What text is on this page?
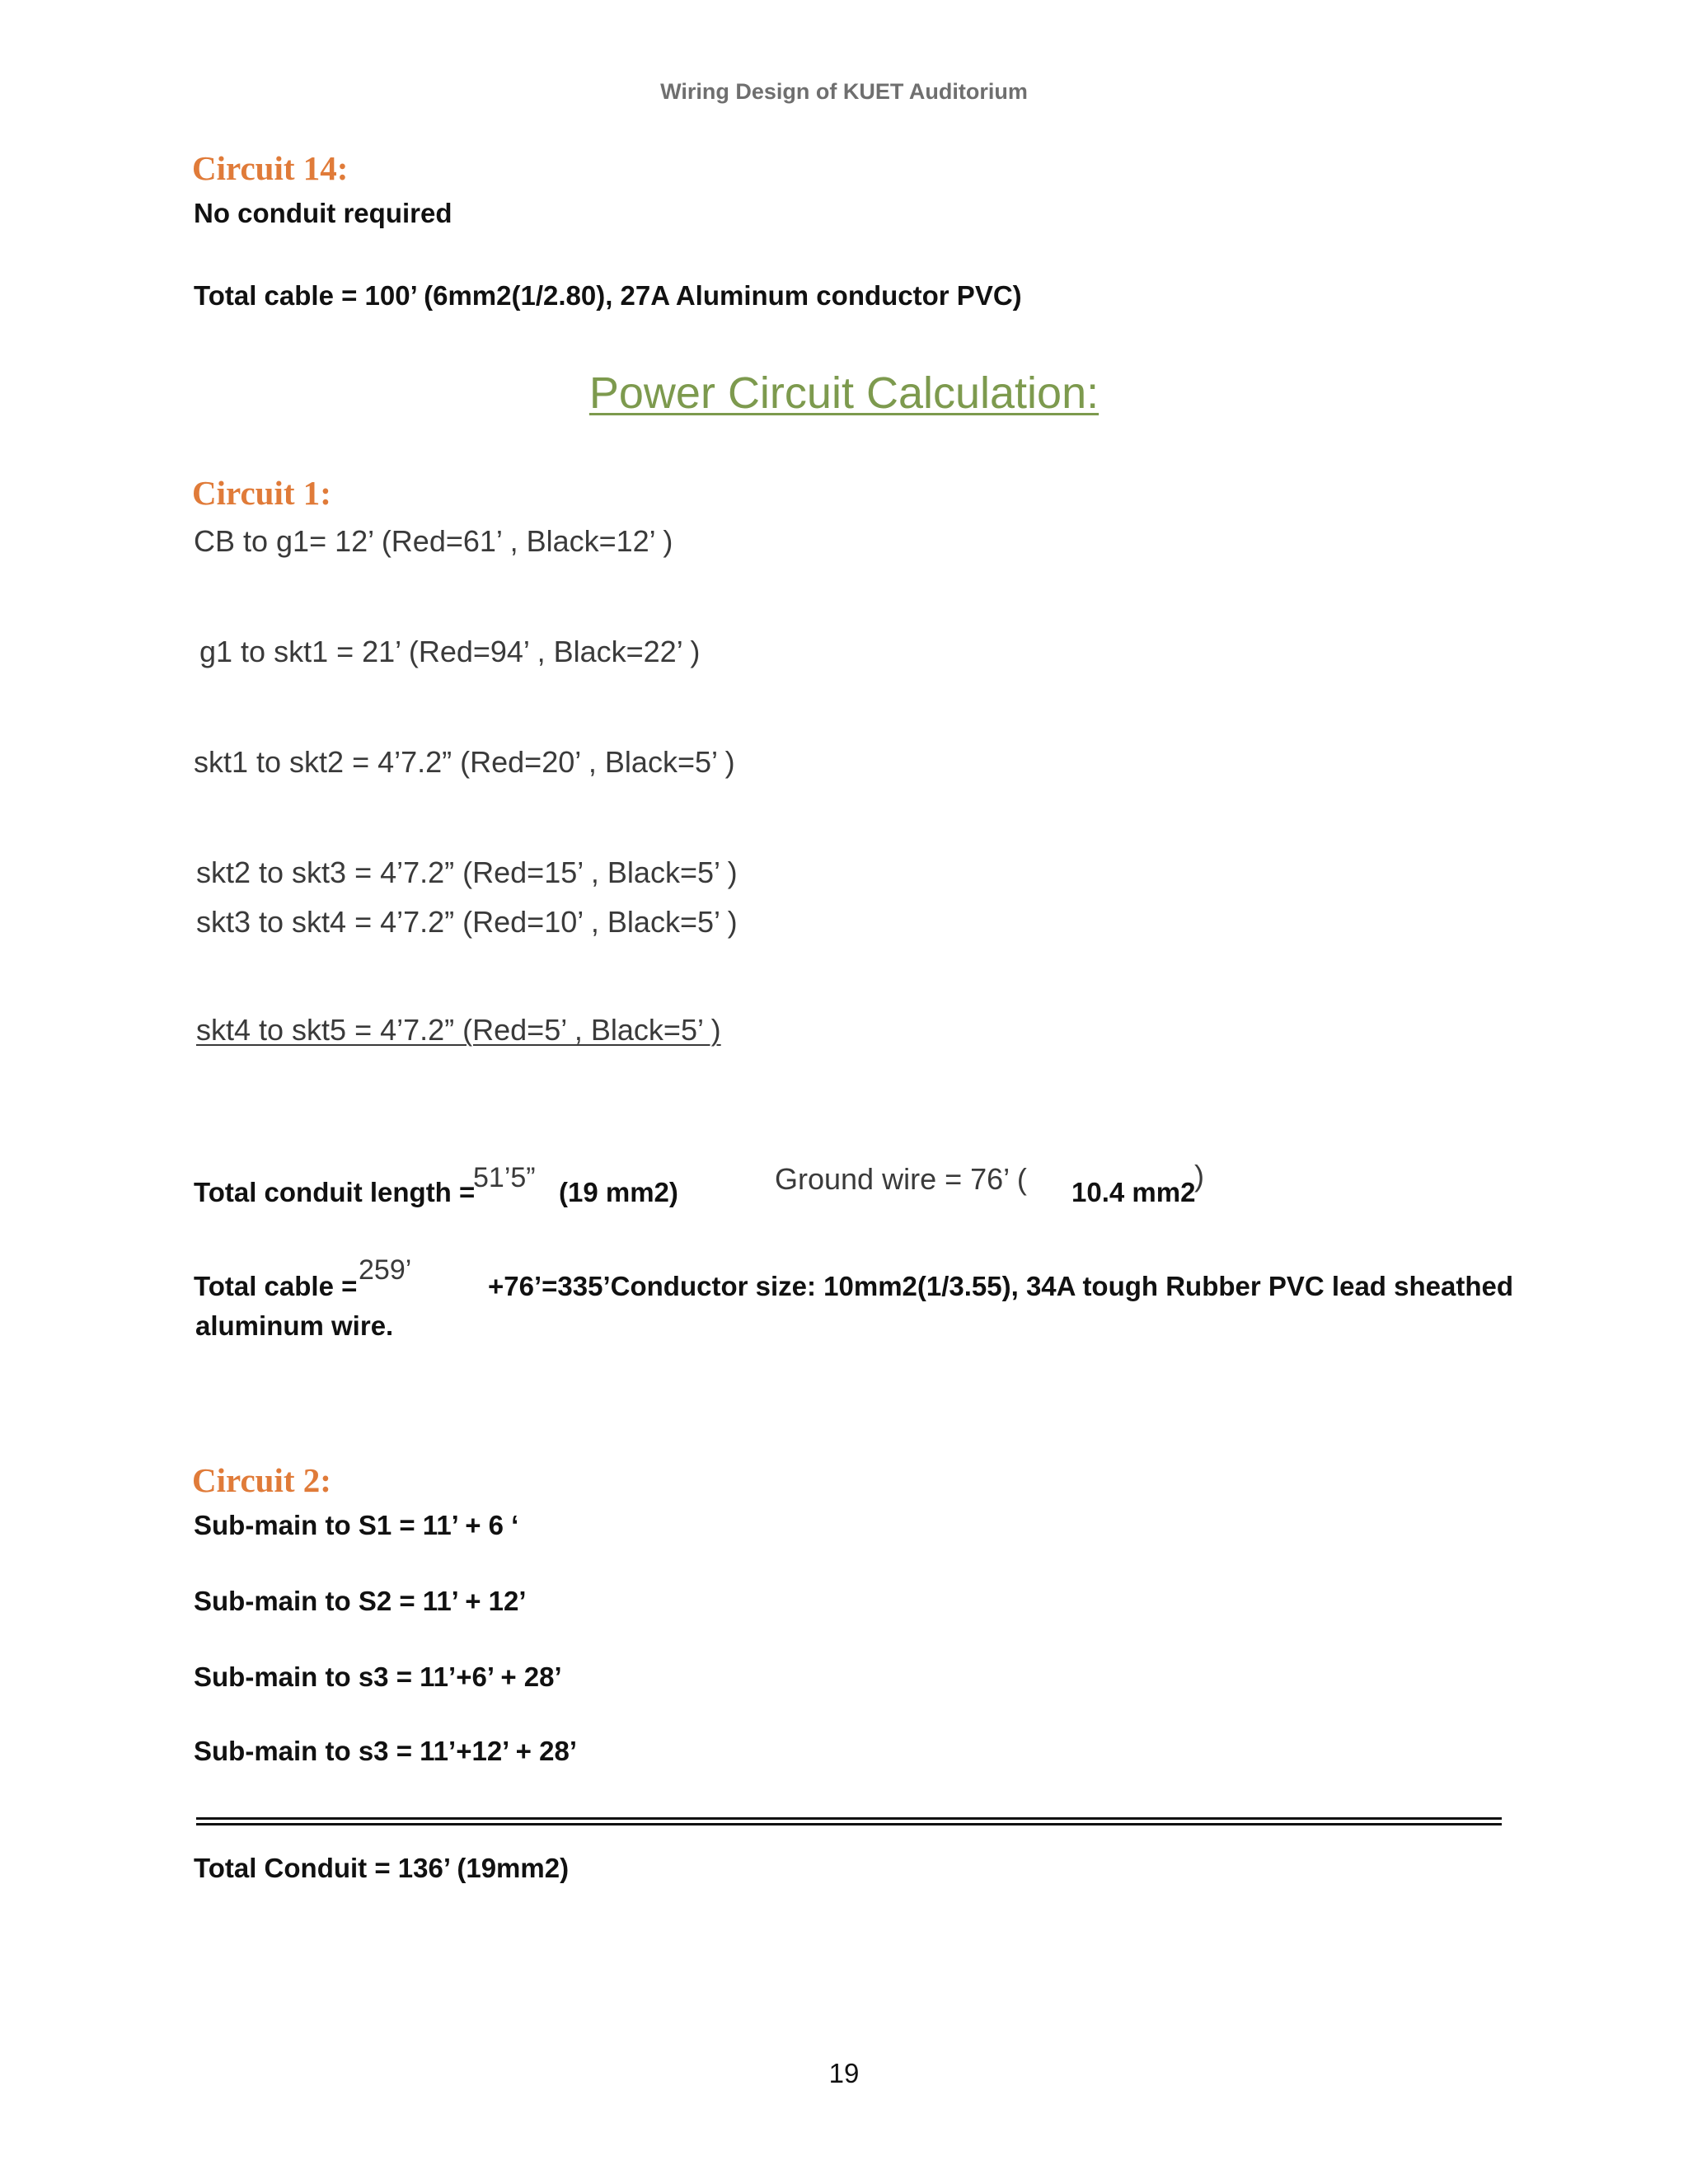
Wiring Design of KUET Auditorium
Circuit 14:
No conduit required
Total cable = 100’ (6mm2(1/2.80), 27A Aluminum conductor PVC)
Power Circuit Calculation:
Circuit 1:
CB to g1= 12’ (Red=61’ , Black=12’ )
g1 to skt1 = 21’ (Red=94’ , Black=22’ )
skt1 to skt2 = 4’7.2” (Red=20’ , Black=5’ )
skt2 to skt3 = 4’7.2” (Red=15’ , Black=5’ )
skt3 to skt4 = 4’7.2” (Red=10’ , Black=5’ )
skt4 to skt5 = 4’7.2” (Red=5’ , Black=5’ )
Total conduit length =
51’5” (19 mm2)	Ground wire = 76’ ( 10.4 mm2
)
Total cable =
259’
+76’=335’Conductor size: 10mm2(1/3.55), 34A tough Rubber PVC lead sheathed
aluminum wire.
Circuit 2:
Sub-main to S1 = 11’ + 6 ‘
Sub-main to S2 = 11’ + 12’
Sub-main to s3 = 11’+6’ + 28’
Sub-main to s3 = 11’+12’ + 28’
Total Conduit = 136’ (19mm2)
19
